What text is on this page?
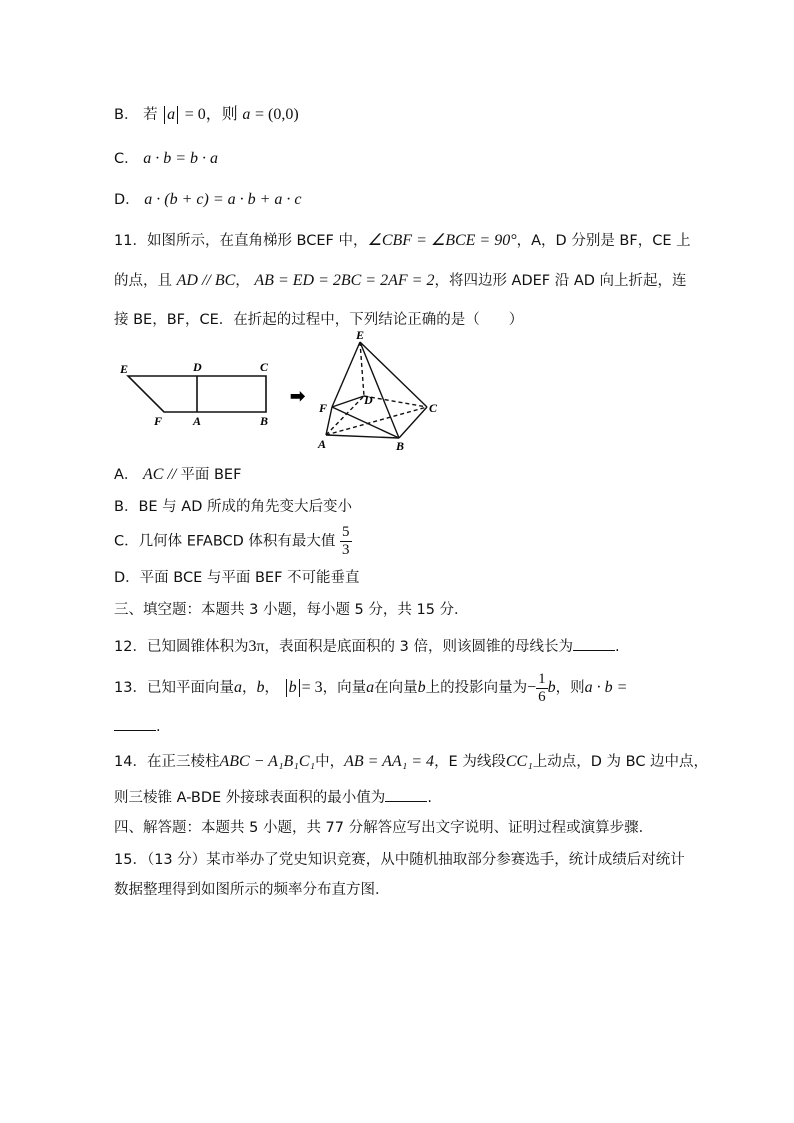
B． 若 a = 0，则 a = (0,0)
C． a · b = b · a
D． a · (b + c) = a · b + a · c
11．如图所示，在直角梯形 BCEF 中，∠CBF = ∠BCE = 90°，A，D 分别是 BF，CE 上
的点，且 AD // BC， AB = ED = 2BC = 2AF = 2，将四边形 ADEF 沿 AD 向上折起，连
接 BE，BF，CE．在折起的过程中，下列结论正确的是（　　）
E	D	C
F	A	B
➡
E
F
D
C
A	B
A． AC // 平面 BEF
B．BE 与 AD 所成的角先变大后变小
C．几何体 EFABCD 体积有最大值 $\frac{5}{3}$
D．平面 BCE 与平面 BEF 不可能垂直
三、填空题：本题共 3 小题，每小题 5 分，共 15 分．
12．已知圆锥体积为3π，表面积是底面积的 3 倍，则该圆锥的母线长为	.
13．已知平面向量a，b， b = 3，向量a在向量b上的投影向量为− $\frac{1}{6}$ b，则a · b =
.
14．在正三棱柱ABC − A₁B₁C₁中，AB = AA₁ = 4，E 为线段CC₁上动点，D 为 BC 边中点，
则三棱锥 A-BDE 外接球表面积的最小值为	.
四、解答题：本题共 5 小题，共 77 分解答应写出文字说明、证明过程或演算步骤．
15．（13 分）某市举办了党史知识竞赛，从中随机抽取部分参赛选手，统计成绩后对统计
数据整理得到如图所示的频率分布直方图．
